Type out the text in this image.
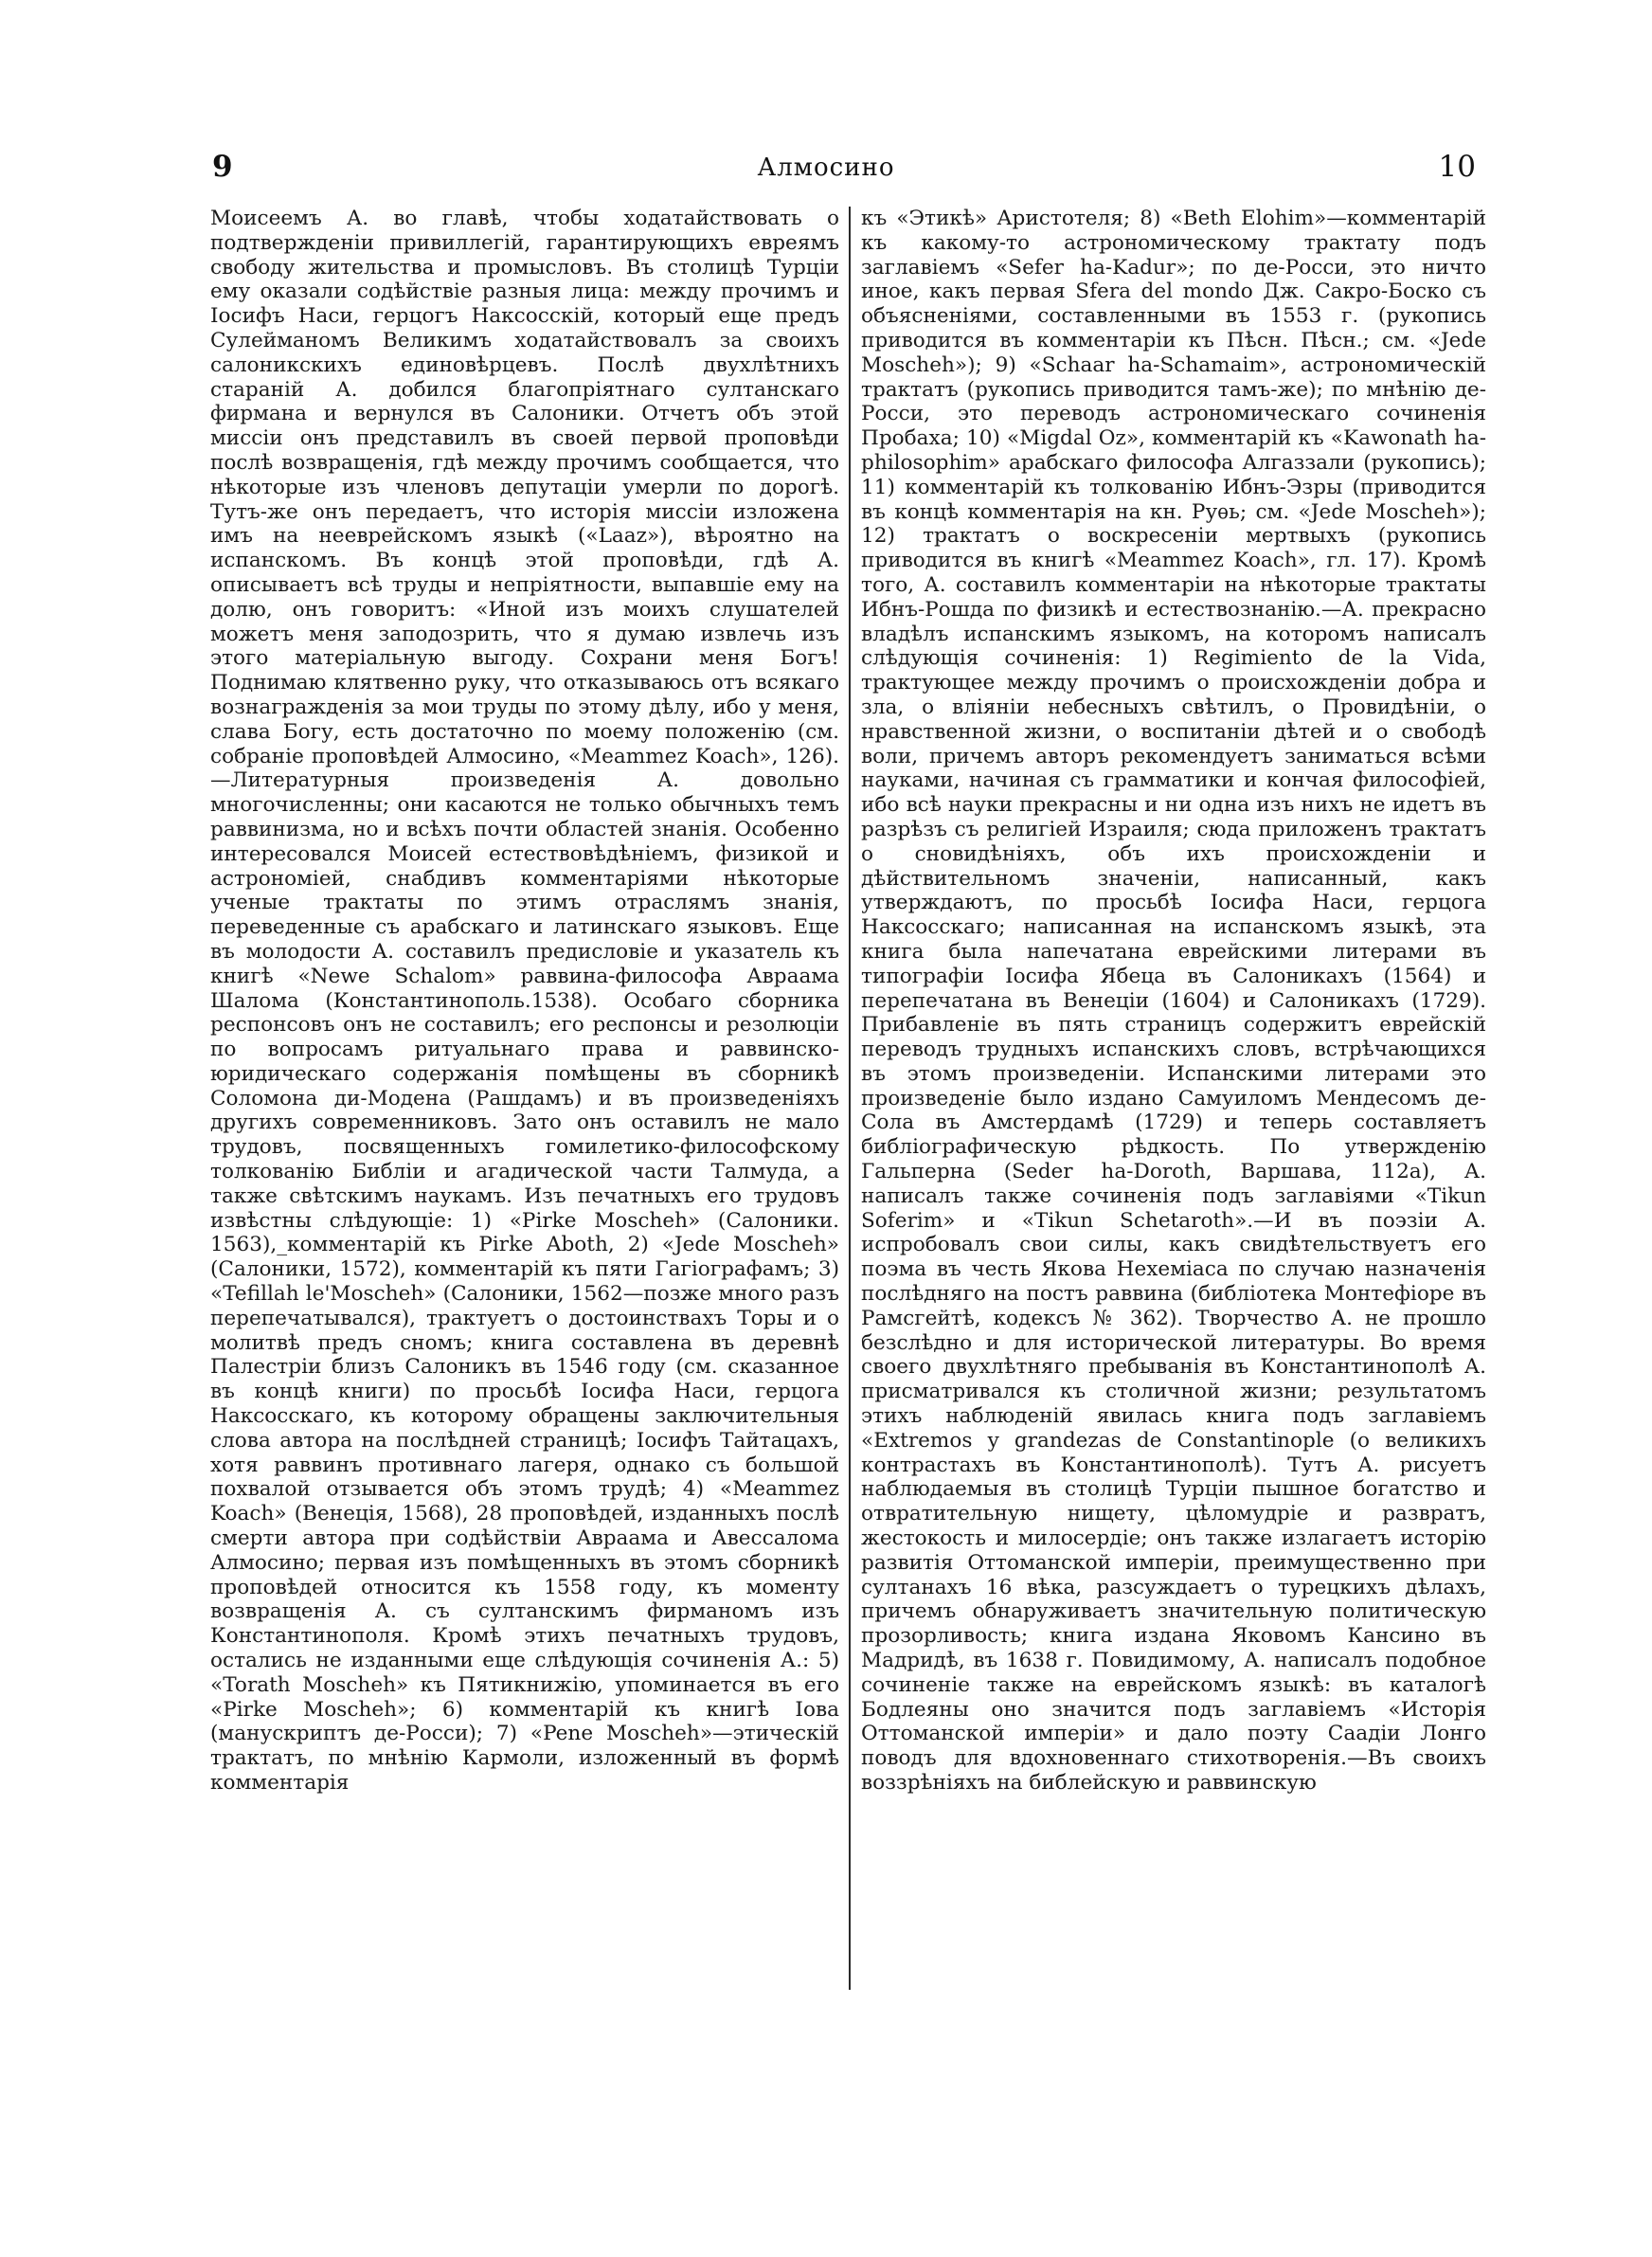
9	Алмосино	10

Моисеемъ А. во главѣ, чтобы ходатайствовать о подтвержденіи привиллегій, гарантирующихъ евреямъ свободу жительства и промысловъ. Въ столицѣ Турціи ему оказали содѣйствіе разныя лица: между прочимъ и Іосифъ Наси, герцогъ Наксосскій, который еще предъ Сулейманомъ Великимъ ходатайствовалъ за своихъ салоникскихъ единовѣрцевъ. Послѣ двухлѣтнихъ стараній А. добился благопріятнаго султанскаго фирмана и вернулся въ Салоники. Отчетъ объ этой миссіи онъ представилъ въ своей первой проповѣди послѣ возвращенія, гдѣ между прочимъ сообщается, что нѣкоторые изъ членовъ депутаціи умерли по дорогѣ. Тутъ-же онъ передаетъ, что исторія миссіи изложена имъ на нееврейскомъ языкѣ («Laaz»), вѣроятно на испанскомъ. Въ концѣ этой проповѣди, гдѣ А. описываетъ всѣ труды и непріятности, выпавшіе ему на долю, онъ говоритъ: «Иной изъ моихъ слушателей можетъ меня заподозрить, что я думаю извлечь изъ этого матеріальную выгоду. Сохрани меня Богъ! Поднимаю клятвенно руку, что отказываюсь отъ всякаго вознагражденія за мои труды по этому дѣлу, ибо у меня, слава Богу, есть достаточно по моему положенію (см. собраніе проповѣдей Алмосино, «Meammez Koach», 126).—Литературныя произведенія А. довольно многочисленны; они касаются не только обычныхъ темъ раввинизма, но и всѣхъ почти областей знанія. Особенно интересовался Моисей естествовѣдѣніемъ, физикой и астрономіей, снабдивъ комментаріями нѣкоторые ученые трактаты по этимъ отраслямъ знанія, переведенные съ арабскаго и латинскаго языковъ. Еще въ молодости А. составилъ предисловіе и указатель къ книгѣ «Newe Schalom» раввина-философа Авраама Шалома (Константинополь.1538). Особаго сборника респонсовъ онъ не составилъ; его респонсы и резолюціи по вопросамъ ритуальнаго права и раввинско-юридическаго содержанія помѣщены въ сборникѣ Соломона ди-Модена (Рашдамъ) и въ произведеніяхъ другихъ современниковъ. Зато онъ оставилъ не мало трудовъ, посвященныхъ гомилетико-философскому толкованію Библіи и агадической части Талмуда, а также свѣтскимъ наукамъ. Изъ печатныхъ его трудовъ извѣстны слѣдующіе: 1) «Pirke Moscheh» (Салоники. 1563),_комментарій къ Pirke Aboth, 2) «Jede Moscheh» (Салоники, 1572), комментарій къ пяти Гагіографамъ; 3) «Tefillah le'Moscheh» (Салоники, 1562—позже много разъ перепечатывался), трактуетъ о достоинствахъ Торы и о молитвѣ предъ сномъ; книга составлена въ деревнѣ Палестріи близъ Салоникъ въ 1546 году (см. сказанное въ концѣ книги) по просьбѣ Іосифа Наси, герцога Наксосскаго, къ которому обращены заключительныя слова автора на послѣдней страницѣ; Іосифъ Тайтацахъ, хотя раввинъ противнаго лагеря, однако съ большой похвалой отзывается объ этомъ трудѣ; 4) «Meammez Koach» (Венеція, 1568), 28 проповѣдей, изданныхъ послѣ смерти автора при содѣйствіи Авраама и Авессалома Алмосино; первая изъ помѣщенныхъ въ этомъ сборникѣ проповѣдей относится къ 1558 году, къ моменту возвращенія А. съ султанскимъ фирманомъ изъ Константинополя. Кромѣ этихъ печатныхъ трудовъ, остались не изданными еще слѣдующія сочиненія А.: 5) «Torath Moscheh» къ Пятикнижію, упоминается въ его «Pirke Moscheh»; 6) комментарій къ книгѣ Іова (манускриптъ де-Росси); 7) «Pene Moscheh»—этическій трактатъ, по мнѣнію Кармоли, изложенный въ формѣ комментарія

къ «Этикѣ» Аристотеля; 8) «Beth Elohim»—комментарій къ какому-то астрономическому трактату подъ заглавіемъ «Sefer ha-Kadur»; по де-Росси, это ничто иное, какъ первая Sfera del mondo Дж. Сакро-Боско съ объясненіями, составленными въ 1553 г. (рукопись приводится въ комментаріи къ Пѣсн. Пѣсн.; см. «Jede Moscheh»); 9) «Schaar ha-Schamaim», астрономическій трактатъ (рукопись приводится тамъ-же); по мнѣнію де-Росси, это переводъ астрономическаго сочиненія Пробаха; 10) «Migdal Oz», комментарій къ «Kawonath ha-philosophim» арабскаго философа Алгаззали (рукопись); 11) комментарій къ толкованію Ибнъ-Эзры (приводится въ концѣ комментарія на кн. Руѳь; см. «Jede Moscheh»); 12) трактатъ о воскресеніи мертвыхъ (рукопись приводится въ книгѣ «Meammez Koach», гл. 17). Кромѣ того, А. составилъ комментаріи на нѣкоторые трактаты Ибнъ-Рошда по физикѣ и естествознанію.—А. прекрасно владѣлъ испанскимъ языкомъ, на которомъ написалъ слѣдующія сочиненія: 1) Regimiento de la Vida, трактующее между прочимъ о происхожденіи добра и зла, о вліяніи небесныхъ свѣтилъ, о Провидѣніи, о нравственной жизни, о воспитаніи дѣтей и о свободѣ воли, причемъ авторъ рекомендуетъ заниматься всѣми науками, начиная съ грамматики и кончая философіей, ибо всѣ науки прекрасны и ни одна изъ нихъ не идетъ въ разрѣзъ съ религіей Израиля; сюда приложенъ трактатъ о сновидѣніяхъ, объ ихъ происхожденіи и дѣйствительномъ значеніи, написанный, какъ утверждаютъ, по просьбѣ Іосифа Наси, герцога Наксосскаго; написанная на испанскомъ языкѣ, эта книга была напечатана еврейскими литерами въ типографіи Іосифа Ябеца въ Салоникахъ (1564) и перепечатана въ Венеціи (1604) и Салоникахъ (1729). Прибавленіе въ пять страницъ содержитъ еврейскій переводъ трудныхъ испанскихъ словъ, встрѣчающихся въ этомъ произведеніи. Испанскими литерами это произведеніе было издано Самуиломъ Мендесомъ де-Сола въ Амстердамѣ (1729) и теперь составляетъ библіографическую рѣдкость. По утвержденію Гальперна (Seder ha-Doroth, Варшава, 112а), А. написалъ также сочиненія подъ заглавіями «Tikun Soferim» и «Tikun Schetaroth».—И въ поэзіи А. испробовалъ свои силы, какъ свидѣтельствуетъ его поэма въ честь Якова Нехеміаса по случаю назначенія послѣдняго на постъ раввина (библіотека Монтефіоре въ Рамсгейтѣ, кодексъ № 362). Творчество А. не прошло безслѣдно и для исторической литературы. Во время своего двухлѣтняго пребыванія въ Константинополѣ А. присматривался къ столичной жизни; результатомъ этихъ наблюденій явилась книга подъ заглавіемъ «Extremos y grandezas de Constantinople (о великихъ контрастахъ въ Константинополѣ). Тутъ А. рисуетъ наблюдаемыя въ столицѣ Турціи пышное богатство и отвратительную нищету, цѣломудріе и развратъ, жестокость и милосердіе; онъ также излагаетъ исторію развитія Оттоманской имперіи, преимущественно при султанахъ 16 вѣка, разсуждаетъ о турецкихъ дѣлахъ, причемъ обнаруживаетъ значительную политическую прозорливость; книга издана Яковомъ Кансино въ Мадридѣ, въ 1638 г. Повидимому, А. написалъ подобное сочиненіе также на еврейскомъ языкѣ: въ каталогѣ Бодлеяны оно значится подъ заглавіемъ «Исторія Оттоманской имперіи» и дало поэту Саадіи Лонго поводъ для вдохновеннаго стихотворенія.—Въ своихъ воззрѣніяхъ на библейскую и раввинскую
